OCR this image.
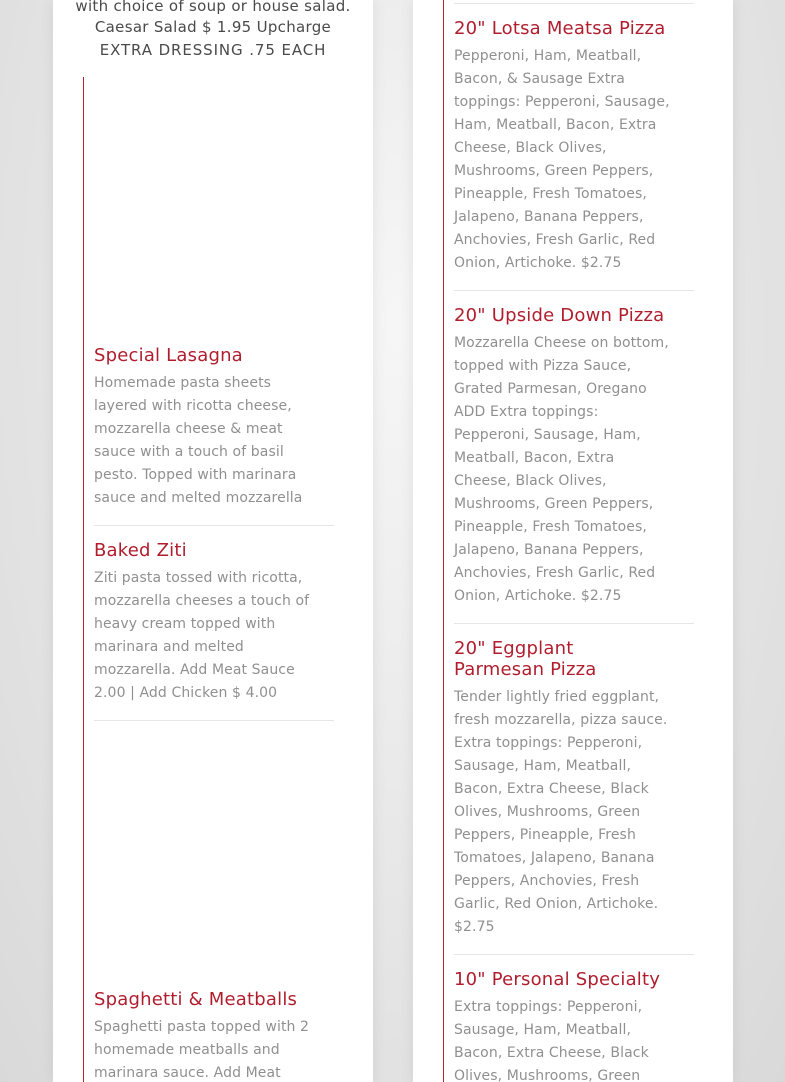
with choice of soup or house salad.
Caesar Salad $ 1.95 Upcharge
EXTRA DRESSING .75 EACH
Special Lasagna

Homemade pasta sheets layered with ricotta cheese, mozzarella cheese & meat sauce with a touch of basil pesto. Topped with marinara sauce and melted mozzarella

Baked Ziti

Ziti pasta tossed with ricotta, mozzarella cheeses a touch of heavy cream topped with marinara and melted mozzarella. Add Meat Sauce 2.00 | Add Chicken $ 4.00

Spaghetti & Meatballs

Spaghetti pasta topped with 2 homemade meatballs and marinara sauce. Add Meat

20" Lotsa Meatsa Pizza

Pepperoni, Ham, Meatball, Bacon, & Sausage Extra toppings: Pepperoni, Sausage, Ham, Meatball, Bacon, Extra Cheese, Black Olives, Mushrooms, Green Peppers, Pineapple, Fresh Tomatoes, Jalapeno, Banana Peppers, Anchovies, Fresh Garlic, Red Onion, Artichoke. $2.75

20" Upside Down Pizza

Mozzarella Cheese on bottom, topped with Pizza Sauce, Grated Parmesan, Oregano ADD Extra toppings: Pepperoni, Sausage, Ham, Meatball, Bacon, Extra Cheese, Black Olives, Mushrooms, Green Peppers, Pineapple, Fresh Tomatoes, Jalapeno, Banana Peppers, Anchovies, Fresh Garlic, Red Onion, Artichoke. $2.75

20" Eggplant Parmesan Pizza

Tender lightly fried eggplant, fresh mozzarella, pizza sauce. Extra toppings: Pepperoni, Sausage, Ham, Meatball, Bacon, Extra Cheese, Black Olives, Mushrooms, Green Peppers, Pineapple, Fresh Tomatoes, Jalapeno, Banana Peppers, Anchovies, Fresh Garlic, Red Onion, Artichoke. $2.75

10" Personal Specialty

Extra toppings: Pepperoni, Sausage, Ham, Meatball, Bacon, Extra Cheese, Black Olives, Mushrooms, Green
